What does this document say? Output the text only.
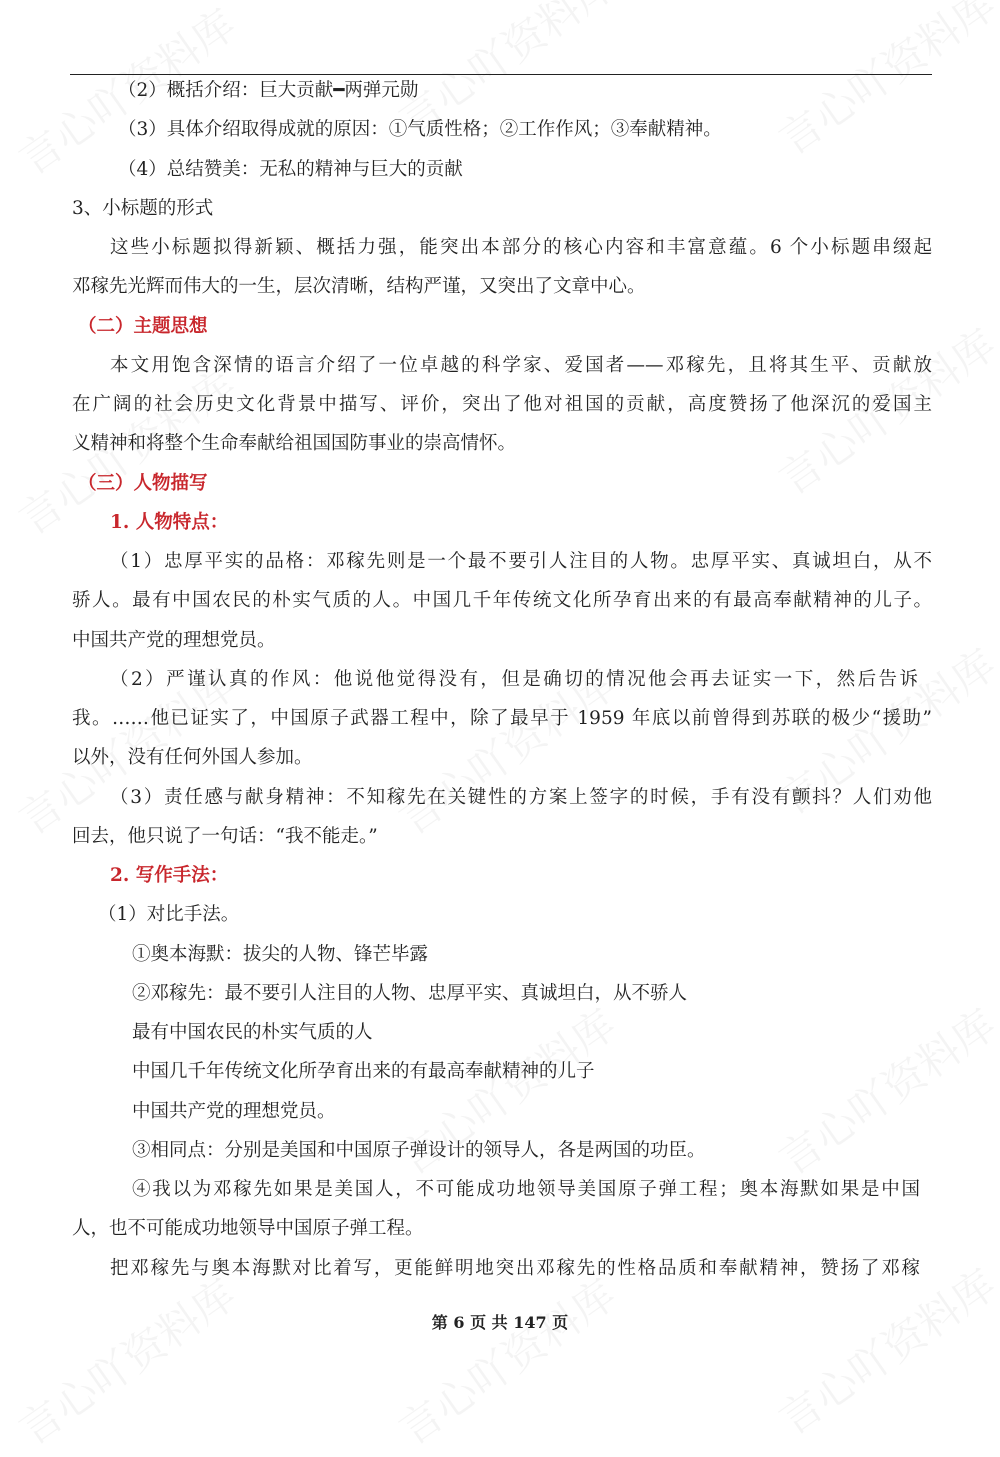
（2）概括介绍：巨大贡献━两弹元勋
（3）具体介绍取得成就的原因：①气质性格；②工作作风；③奉献精神。
（4）总结赞美：无私的精神与巨大的贡献
3、小标题的形式
这些小标题拟得新颖、概括力强，能突出本部分的核心内容和丰富意蕴。6 个小标题串缀起
邓稼先光辉而伟大的一生，层次清晰，结构严谨，又突出了文章中心。
（二）主题思想
本文用饱含深情的语言介绍了一位卓越的科学家、爱国者——邓稼先，且将其生平、贡献放
在广阔的社会历史文化背景中描写、评价，突出了他对祖国的贡献，高度赞扬了他深沉的爱国主
义精神和将整个生命奉献给祖国国防事业的崇高情怀。
（三）人物描写
1. 人物特点：
（1）忠厚平实的品格：邓稼先则是一个最不要引人注目的人物。忠厚平实、真诚坦白，从不
骄人。最有中国农民的朴实气质的人。中国几千年传统文化所孕育出来的有最高奉献精神的儿子。
中国共产党的理想党员。
（2）严谨认真的作风：他说他觉得没有，但是确切的情况他会再去证实一下，然后告诉
我。……他已证实了，中国原子武器工程中，除了最早于 1959 年底以前曾得到苏联的极少“援助”
以外，没有任何外国人参加。
（3）责任感与献身精神：不知稼先在关键性的方案上签字的时候，手有没有颤抖？人们劝他
回去，他只说了一句话：“我不能走。”
2. 写作手法：
（1）对比手法。
①奥本海默：拔尖的人物、锋芒毕露
②邓稼先：最不要引人注目的人物、忠厚平实、真诚坦白，从不骄人
最有中国农民的朴实气质的人
中国几千年传统文化所孕育出来的有最高奉献精神的儿子
中国共产党的理想党员。
③相同点：分别是美国和中国原子弹设计的领导人，各是两国的功臣。
④我以为邓稼先如果是美国人，不可能成功地领导美国原子弹工程；奥本海默如果是中国
人，也不可能成功地领导中国原子弹工程。
把邓稼先与奥本海默对比着写，更能鲜明地突出邓稼先的性格品质和奉献精神，赞扬了邓稼
第 6 页 共 147 页
